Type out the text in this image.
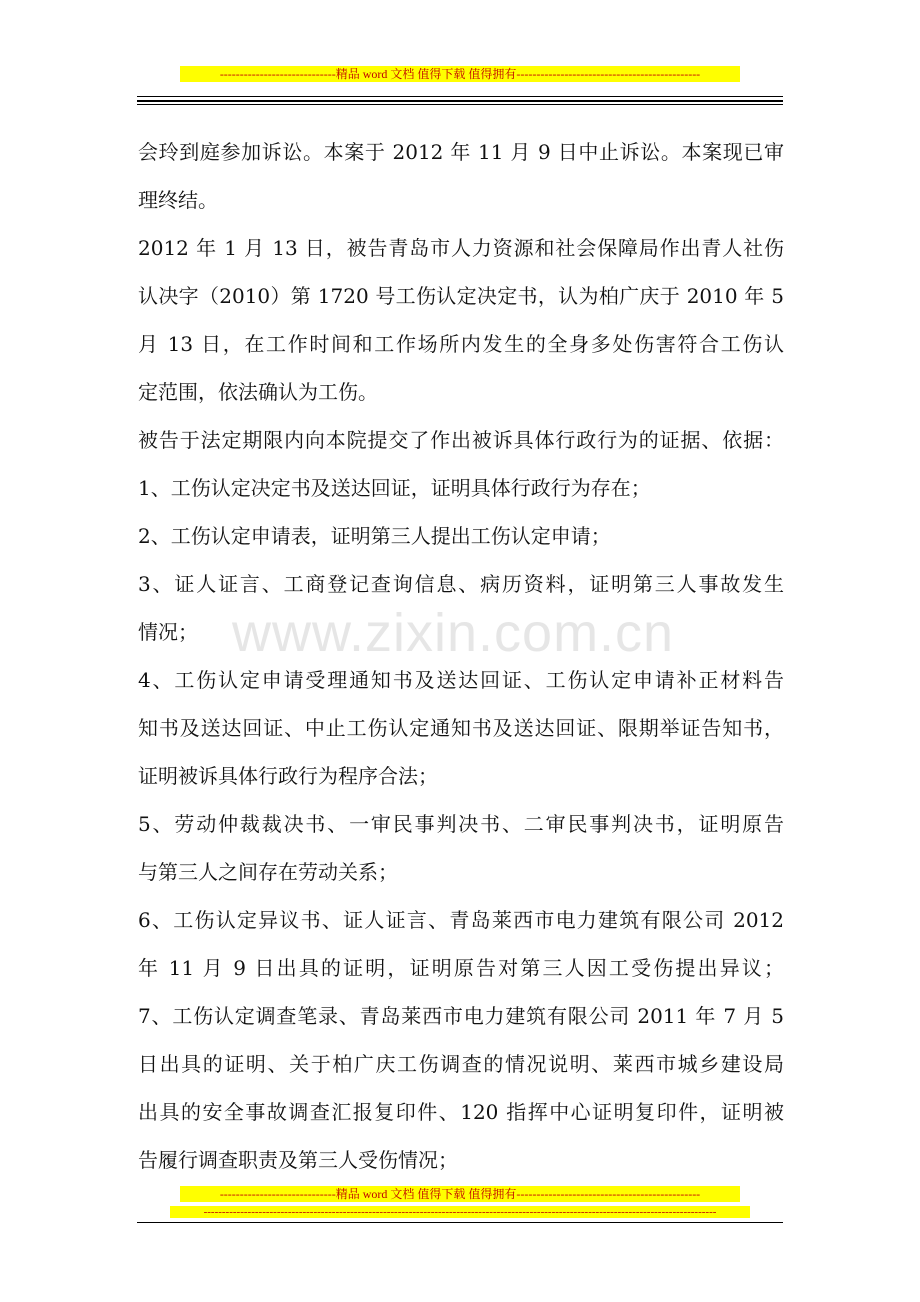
-----------------------------精品 word 文档 值得下载 值得拥有----------------------------------------------
www.zixin.com.cn
会玲到庭参加诉讼。本案于 2012 年 11 月 9 日中止诉讼。本案现已审
理终结。
2012 年 1 月 13 日，被告青岛市人力资源和社会保障局作出青人社伤
认决字（2010）第 1720 号工伤认定决定书，认为柏广庆于 2010 年 5
月 13 日，在工作时间和工作场所内发生的全身多处伤害符合工伤认
定范围，依法确认为工伤。
被告于法定期限内向本院提交了作出被诉具体行政行为的证据、依据：
1、工伤认定决定书及送达回证，证明具体行政行为存在；
2、工伤认定申请表，证明第三人提出工伤认定申请；
3、证人证言、工商登记查询信息、病历资料，证明第三人事故发生
情况；
4、工伤认定申请受理通知书及送达回证、工伤认定申请补正材料告
知书及送达回证、中止工伤认定通知书及送达回证、限期举证告知书，
证明被诉具体行政行为程序合法；
5、劳动仲裁裁决书、一审民事判决书、二审民事判决书，证明原告
与第三人之间存在劳动关系；
6、工伤认定异议书、证人证言、青岛莱西市电力建筑有限公司 2012
年 11 月 9 日出具的证明，证明原告对第三人因工受伤提出异议；
7、工伤认定调查笔录、青岛莱西市电力建筑有限公司 2011 年 7 月 5
日出具的证明、关于柏广庆工伤调查的情况说明、莱西市城乡建设局
出具的安全事故调查汇报复印件、120 指挥中心证明复印件，证明被
告履行调查职责及第三人受伤情况；
-----------------------------精品 word 文档 值得下载 值得拥有----------------------------------------------
--------------------------------------------------------------------------------------------------------------------------------------------
